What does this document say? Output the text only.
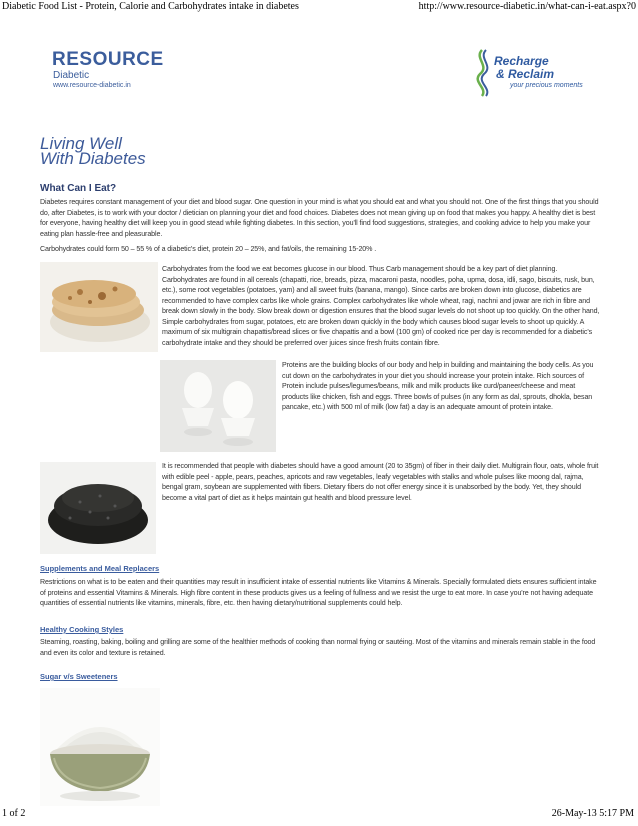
Diabetic Food List - Protein, Calorie and Carbohydrates intake in diabetes	http://www.resource-diabetic.in/what-can-i-eat.aspx?0
RESOURCE
Diabetic
www.resource-diabetic.in
Recharge
& Reclaim
your precious moments
Living Well
With Diabetes
What Can I Eat?
Diabetes requires constant management of your diet and blood sugar. One question in your mind is what you should eat and what you should not. One of the first things that you should do, after Diabetes, is to work with your doctor / dietician on planning your diet and food choices. Diabetes does not mean giving up on food that makes you happy. A healthy diet is best for everyone, having healthy diet will keep you in good stead while fighting diabetes. In this section, you'll find food suggestions, strategies, and cooking advice to help you make your eating plan hassle-free and pleasurable.
Carbohydrates could form 50 – 55 % of a diabetic's diet, protein 20 – 25%, and fat/oils, the remaining 15-20% .
Carbohydrates from the food we eat becomes glucose in our blood. Thus Carb management should be a key part of diet planning. Carbohydrates are found in all cereals (chapatti, rice, breads, pizza, macaroni pasta, noodles, poha, upma, dosa, idli, sago, biscuits, rusk, bun, etc.), some root vegetables (potatoes, yam) and all sweet fruits (banana, mango). Since carbs are broken down into glucose, diabetics are recommended to have complex carbs like whole grains. Complex carbohydrates like whole wheat, ragi, nachni and jowar are rich in fibre and break down slowly in the body. Slow break down or digestion ensures that the blood sugar levels do not shoot up too quickly. On the other hand, Simple carbohydrates from sugar, potatoes, etc are broken down quickly in the body which causes blood sugar levels to shoot up quickly. A maximum of six multigrain chapattis/bread slices or five chapattis and a bowl (100 gm) of cooked rice per day is recommended for a diabetic's carbohydrate intake and they should be preferred over juices since fresh fruits contain fibre.
Proteins are the building blocks of our body and help in building and maintaining the body cells. As you cut down on the carbohydrates in your diet you should increase your protein intake. Rich sources of Protein include pulses/legumes/beans, milk and milk products like curd/paneer/cheese and meat products like chicken, fish and eggs. Three bowls of pulses (in any form as dal, sprouts, dhokla, besan pancake, etc.) with 500 ml of milk (low fat) a day is an adequate amount of protein intake.
It is recommended that people with diabetes should have a good amount (20 to 35gm) of fiber in their daily diet. Multigrain flour, oats, whole fruit with edible peel - apple, pears, peaches, apricots and raw vegetables, leafy vegetables with stalks and whole pulses like moong dal, rajma, bengal gram, soybean are supplemented with fibers. Dietary fibers do not offer energy since it is unabsorbed by the body. Yet, they should become a vital part of diet as it helps maintain gut health and blood pressure level.
Supplements and Meal Replacers
Restrictions on what is to be eaten and their quantities may result in insufficient intake of essential nutrients like Vitamins & Minerals. Specially formulated diets ensures sufficient intake of proteins and essential Vitamins & Minerals. High fibre content in these products gives us a feeling of fullness and we resist the urge to eat more. In case you're not having adequate quantities of essential nutrients like vitamins, minerals, fibre, etc. then having dietary/nutritional supplements could help.
Healthy Cooking Styles
Steaming, roasting, baking, boiling and grilling are some of the healthier methods of cooking than normal frying or sautéing. Most of the vitamins and minerals remain stable in the food and even its color and texture is retained.
Sugar v/s Sweeteners
1 of 2	26-May-13 5:17 PM
